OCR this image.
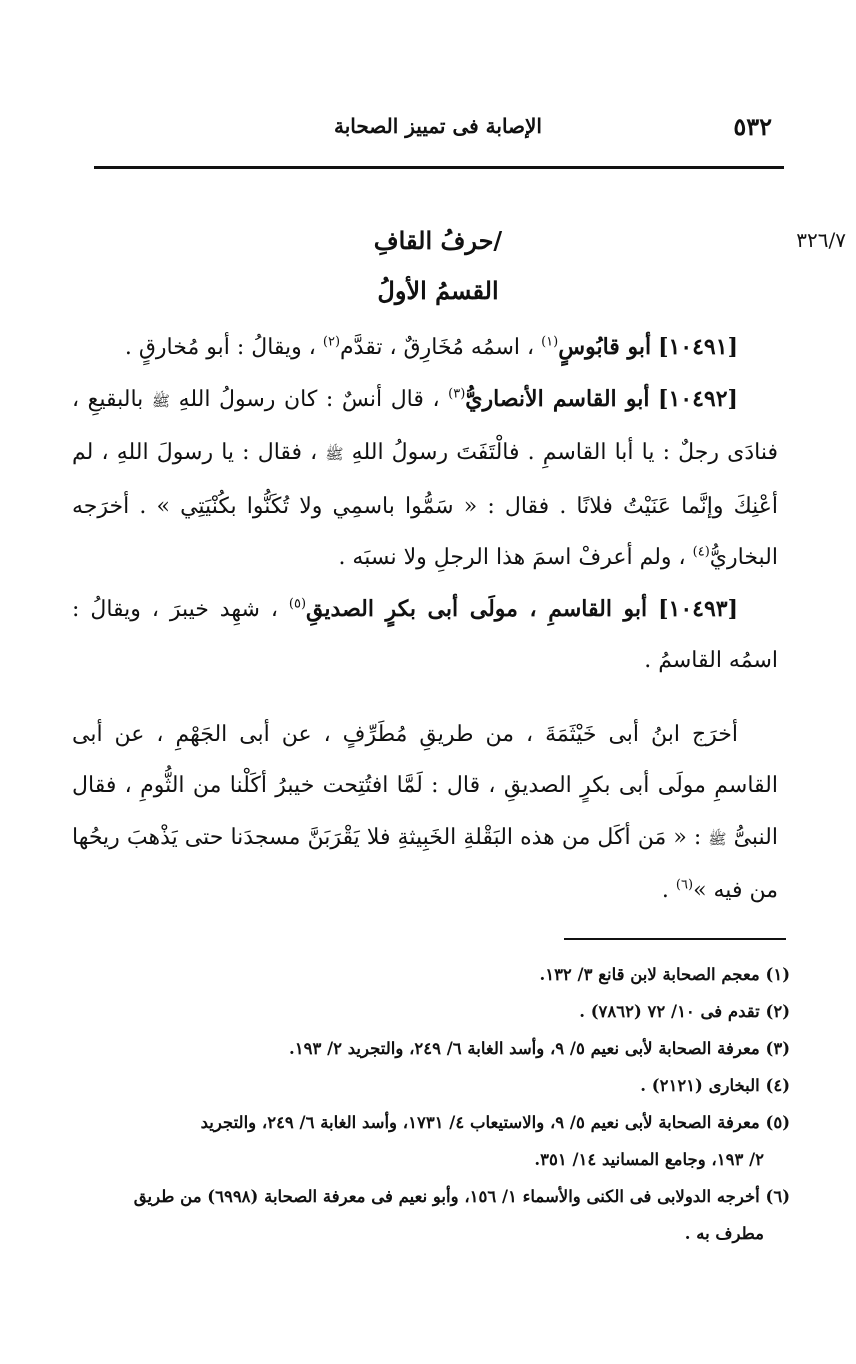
٥٣٢
الإصابة فى تمييز الصحابة
٣٢٦/٧
/حرفُ القافِ
القسمُ الأولُ

[١٠٤٩١] أبو قابُوسٍ$^{(١)}$ ، اسمُه مُخَارِقٌ ، تقدَّم$^{(٢)}$ ، ويقالُ : أبو مُخارقٍ .

[١٠٤٩٢] أبو القاسم الأنصاريُّ$^{(٣)}$ ، قال أنسٌ : كان رسولُ اللهِ ﷺ بالبقيعِ ، فنادَى رجلٌ : يا أبا القاسمِ . فالْتَفَتَ رسولُ اللهِ ﷺ ، فقال : يا رسولَ اللهِ ، لم أعْنِكَ وإنَّما عَنَيْتُ فلانًا . فقال : « سَمُّوا باسمِي ولا تُكَنُّوا بكُنْيَتِي » . أخرَجه البخاريُّ$^{(٤)}$ ، ولم أعرفْ اسمَ هذا الرجلِ ولا نسبَه .

[١٠٤٩٣] أبو القاسمِ ، مولَى أبى بكرٍ الصديقِ$^{(٥)}$ ، شهِد خيبرَ ، ويقالُ : اسمُه القاسمُ .

أخرَج ابنُ أبى خَيْثَمَةَ ، من طريقِ مُطَرِّفٍ ، عن أبى الجَهْمِ ، عن أبى القاسمِ مولَى أبى بكرٍ الصديقِ ، قال : لَمَّا افتُتِحت خيبرُ أكَلْنا من الثُّومِ ، فقال النبىُّ ﷺ : « مَن أكَل من هذه البَقْلةِ الخَبِيثةِ فلا يَقْرَبَنَّ مسجدَنا حتى يَذْهبَ ريحُها من فيه »$^{(٦)}$ .

(١) معجم الصحابة لابن قانع ٣/ ١٣٢.

(٢) تقدم فى ١٠/ ٧٢ (٧٨٦٢) .

(٣) معرفة الصحابة لأبى نعيم ٥/ ٩، وأسد الغابة ٦/ ٢٤٩، والتجريد ٢/ ١٩٣.

(٤) البخارى (٢١٢١) .

(٥) معرفة الصحابة لأبى نعيم ٥/ ٩، والاستيعاب ٤/ ١٧٣١، وأسد الغابة ٦/ ٢٤٩، والتجريد
٢/ ١٩٣، وجامع المسانيد ١٤/ ٣٥١.

(٦) أخرجه الدولابى فى الكنى والأسماء ١/ ١٥٦، وأبو نعيم فى معرفة الصحابة (٦٩٩٨) من طريق
مطرف به .
